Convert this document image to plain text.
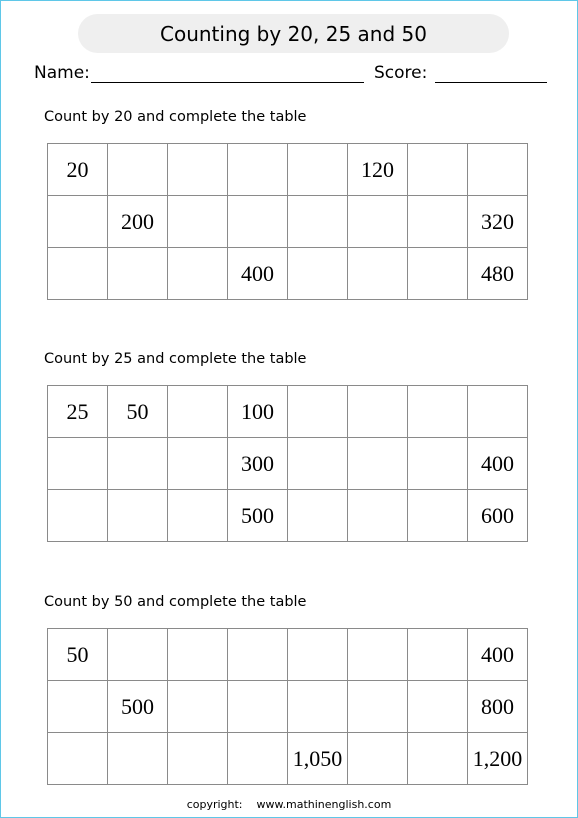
Counting by 20, 25 and 50
Name:	Score:
Count by 20 and complete the table
20					120		
	200						320
			400				480
Count by 25 and complete the table
25	50		100				
			300				400
			500				600
Count by 50 and complete the table
50							400
	500						800
				1,050			1,200
copyright: www.mathinenglish.com
